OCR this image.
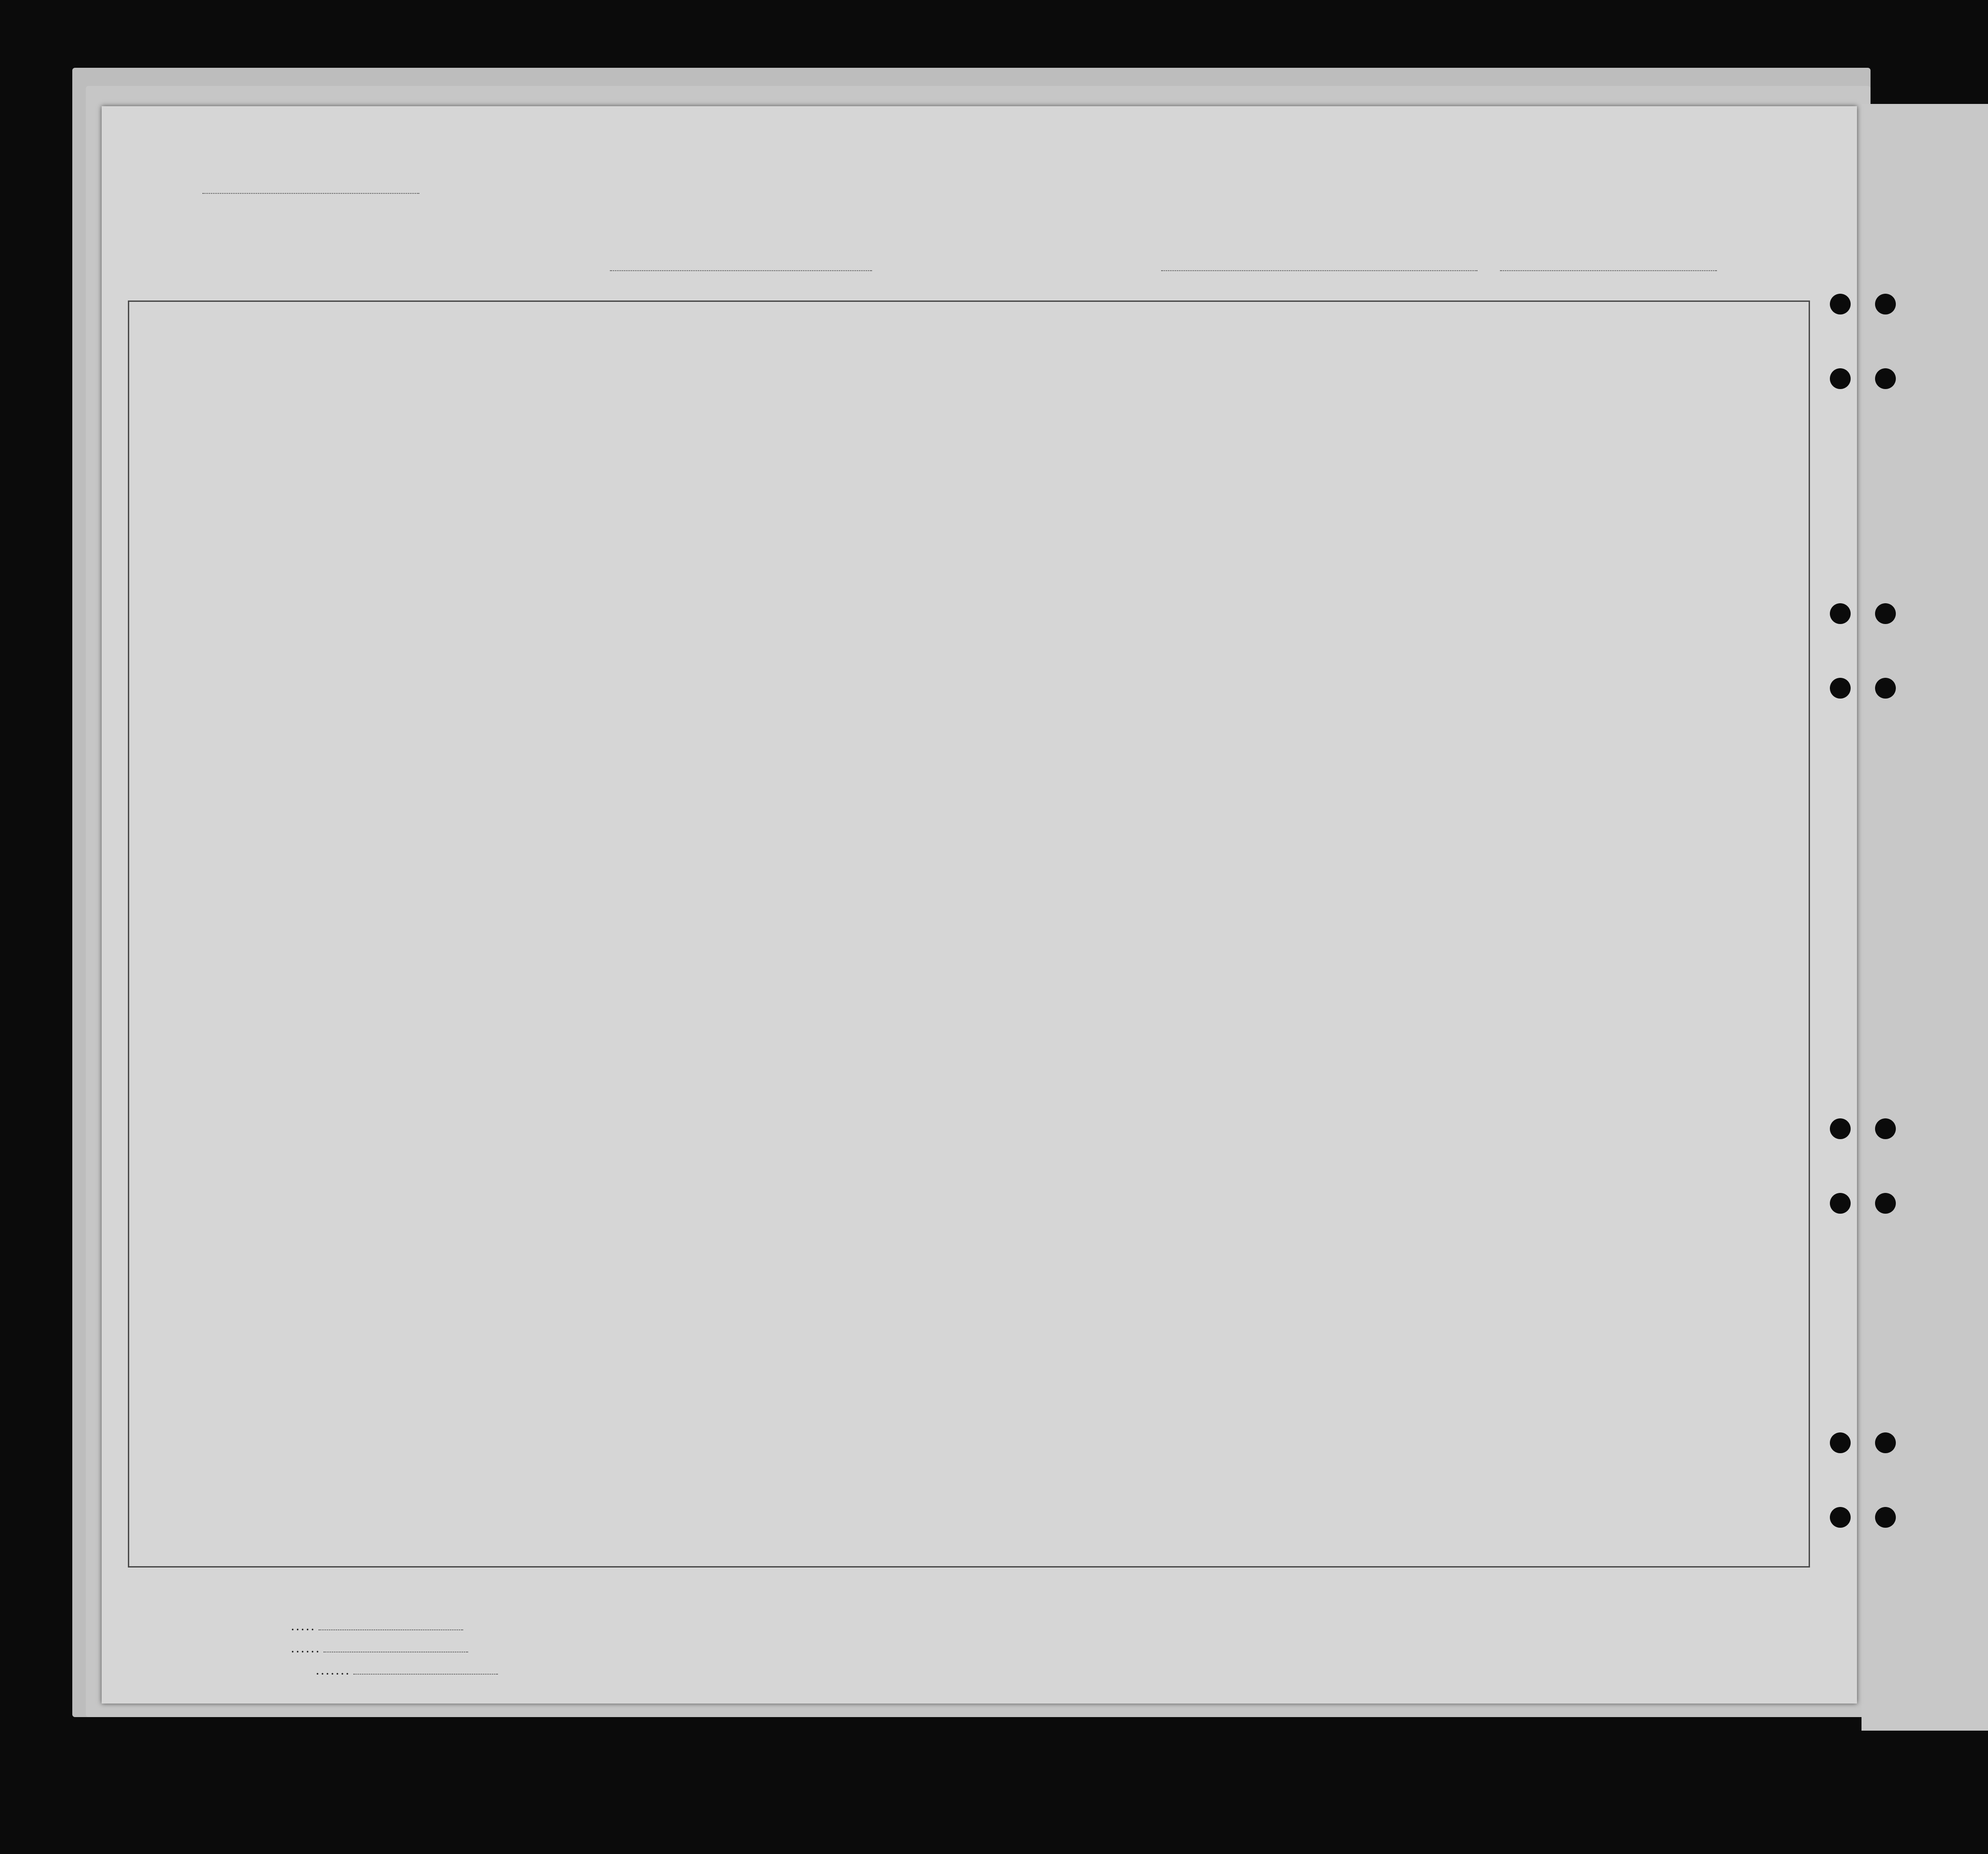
. . . . .
. . . . . .
. . . . . . .
